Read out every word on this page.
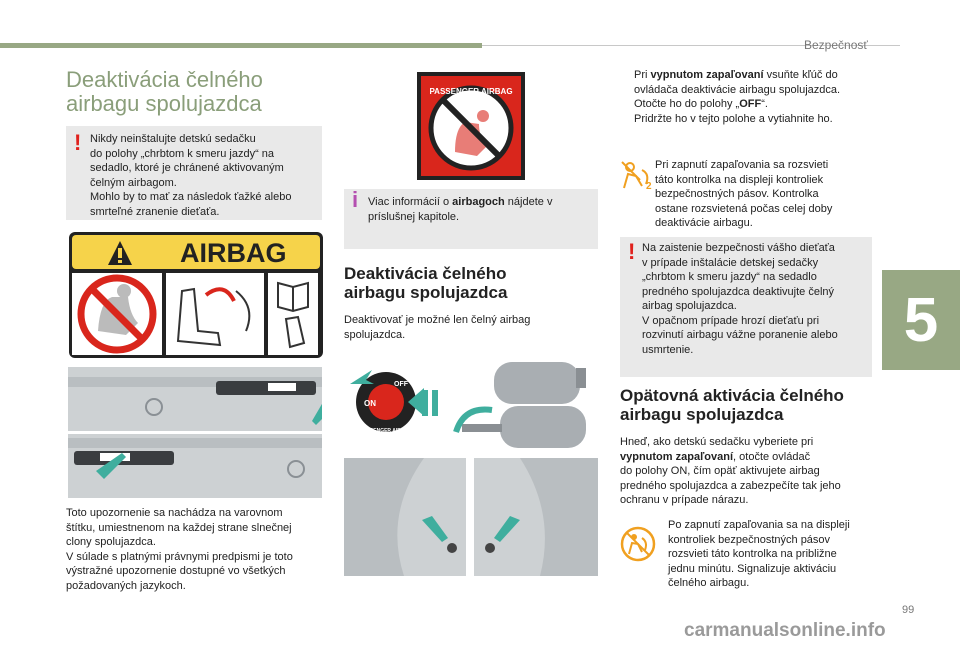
Bezpečnosť
5
99
carmanualsonline.info
Deaktivácia čelného
airbagu spolujazdca
! Nikdy neinštalujte detskú sedačku
do polohy „chrbtom k smeru jazdy“ na
sedadlo, ktoré je chránené aktivovaným
čelným airbagom.
Mohlo by to mať za následok ťažké alebo
smrteľné zranenie dieťaťa.
AIRBAG
Toto upozornenie sa nachádza na varovnom
štítku, umiestnenom na každej strane slnečnej
clony spolujazdca.
V súlade s platnými právnymi predpismi je toto
výstražné upozornenie dostupné vo všetkých
požadovaných jazykoch.
PASSENGER AIRBAG
i Viac informácií o airbagoch nájdete v
príslušnej kapitole.
Deaktivácia čelného
airbagu spolujazdca
Deaktivovať je možné len čelný airbag
spolujazdca.
ON
OFF
PASSENGER AIRBAG
Pri vypnutom zapaľovaní vsuňte kľúč do
ovládača deaktivácie airbagu spolujazdca.
Otočte ho do polohy „OFF“.
Pridržte ho v tejto polohe a vytiahnite ho.
2
Pri zapnutí zapaľovania sa rozsvieti
táto kontrolka na displeji kontroliek
bezpečnostných pásov. Kontrolka
ostane rozsvietená počas celej doby
deaktivácie airbagu.
! Na zaistenie bezpečnosti vášho dieťaťa
v prípade inštalácie detskej sedačky
„chrbtom k smeru jazdy“ na sedadlo
predného spolujazdca deaktivujte čelný
airbag spolujazdca.
V opačnom prípade hrozí dieťaťu pri
rozvinutí airbagu vážne poranenie alebo
usmrtenie.
Opätovná aktivácia čelného
airbagu spolujazdca
Hneď, ako detskú sedačku vyberiete pri
vypnutom zapaľovaní, otočte ovládač
do polohy ON, čím opäť aktivujete airbag
predného spolujazdca a zabezpečíte tak jeho
ochranu v prípade nárazu.
Po zapnutí zapaľovania sa na displeji
kontroliek bezpečnostných pásov
rozsvieti táto kontrolka na približne
jednu minútu. Signalizuje aktiváciu
čelného airbagu.
